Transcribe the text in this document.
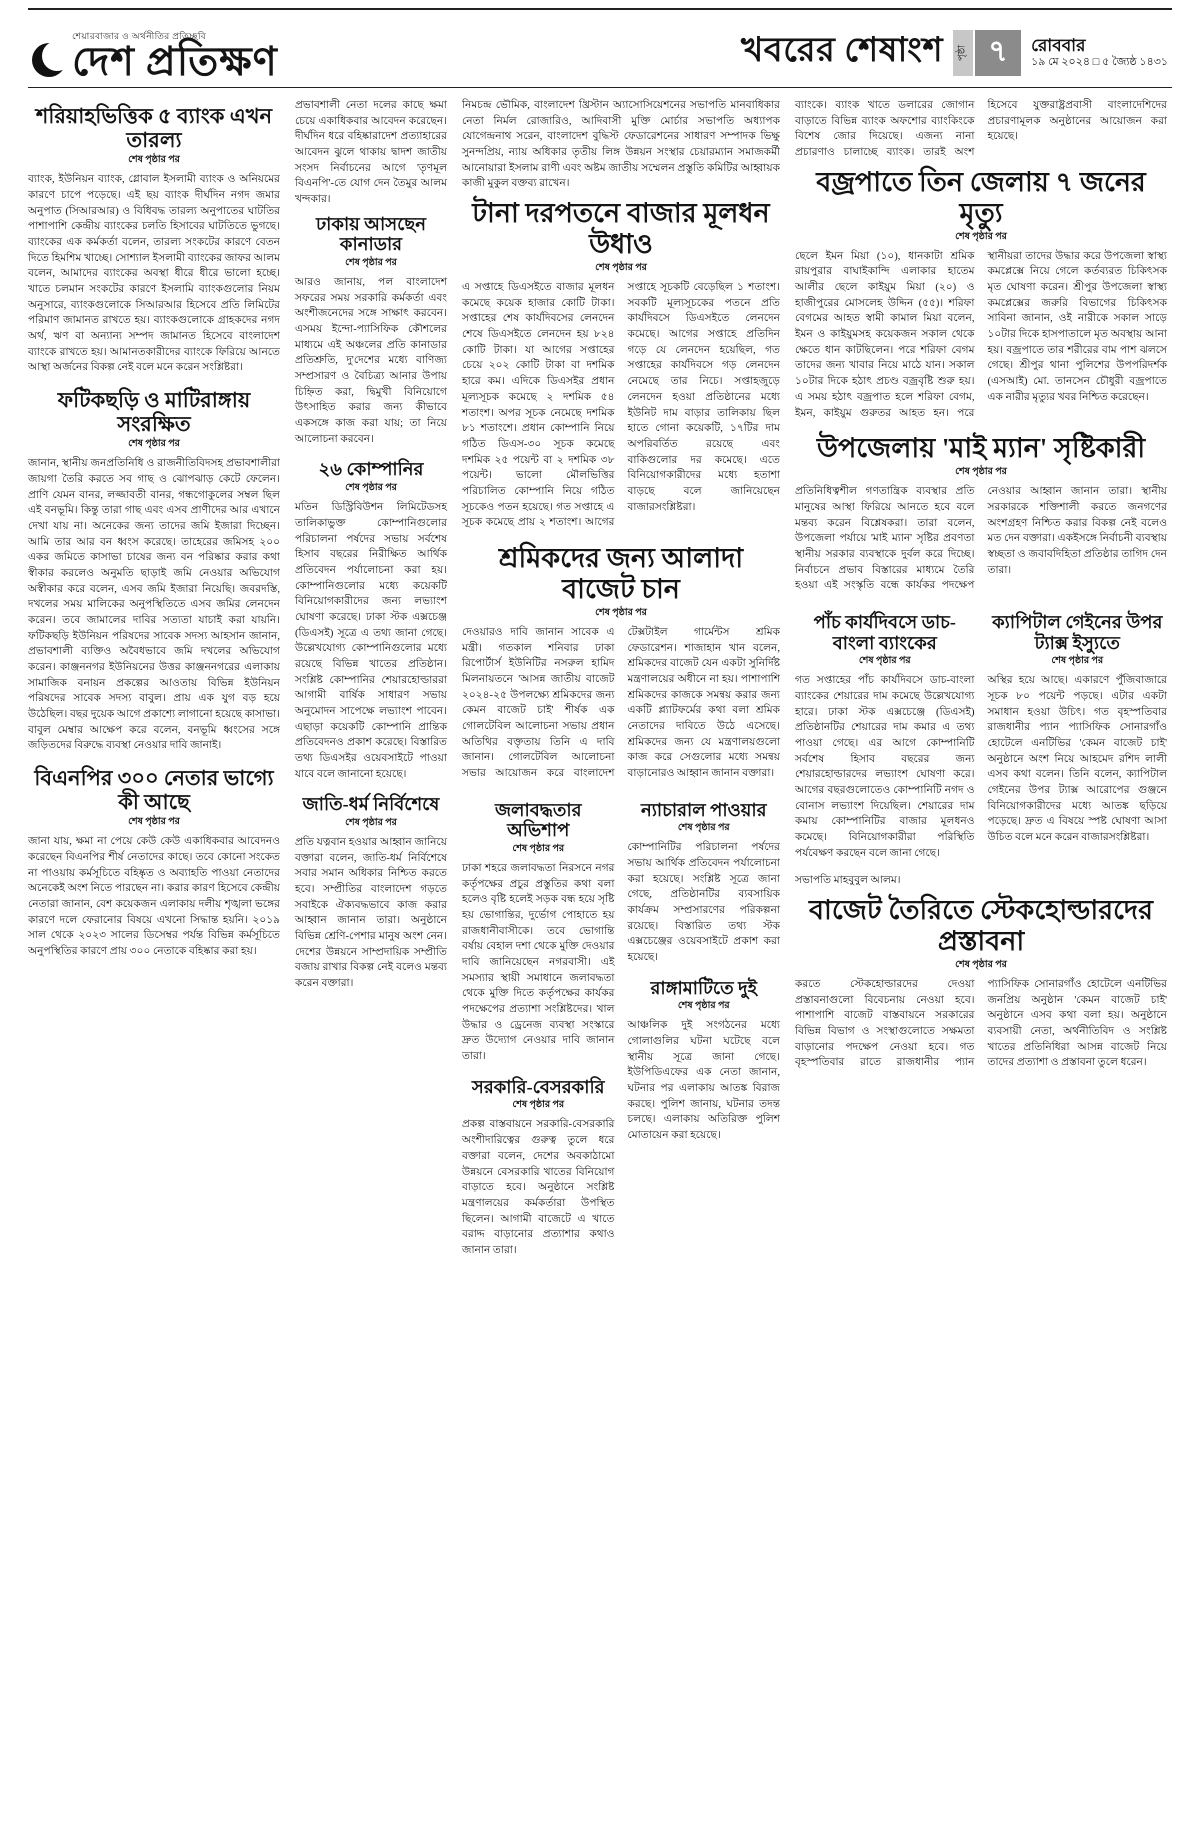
শেয়ারবাজার ও অর্থনীতির প্রতিচ্ছবি
দেশ প্রতিক্ষণ	খবরের শেষাংশ	পৃষ্ঠা ৭	রোববার
১৯ মে ২০২৪ □ ৫ জ্যৈষ্ঠ ১৪৩১
শরিয়াহভিত্তিক ৫ ব্যাংক এখন তারল্য
শেষ পৃষ্ঠার পর

ব্যাংক, ইউনিয়ন ব্যাংক, গ্লোবাল ইসলামী ব্যাংক ও অনিয়মের কারণে চাপে পড়েছে। এই ছয় ব্যাংক দীর্ঘদিন নগদ জমার অনুপাত (সিআরআর) ও বিধিবদ্ধ তারল্য অনুপাতের ঘাটতির পাশাপাশি কেন্দ্রীয় ব্যাংকের চলতি হিসাবের ঘাটতিতে ভুগছে। ব্যাংকের এক কর্মকর্তা বলেন, তারল্য সংকটের কারণে বেতন দিতে হিমশিম খাচ্ছে। সোশ্যাল ইসলামী ব্যাংকের জাফর আলম বলেন, আমাদের ব্যাংকের অবস্থা ধীরে ধীরে ভালো হচ্ছে। খাতে চলমান সংকটের কারণে ইসলামি ব্যাংকগুলোর নিয়ম অনুসারে, ব্যাংকগুলোকে সিআরআর হিসেবে প্রতি লিমিটের পরিমাণ জামানত রাখতে হয়। ব্যাংকগুলোকে গ্রাহকদের নগদ অর্থ, ঋণ বা অন্যান্য সম্পদ জামানত হিসেবে বাংলাদেশ ব্যাংকে রাখতে হয়। আমানতকারীদের ব্যাংকে ফিরিয়ে আনতে আস্থা অর্জনের বিকল্প নেই বলে মনে করেন সংশ্লিষ্টরা।

ফটিকছড়ি ও মাটিরাঙ্গায় সংরক্ষিত
শেষ পৃষ্ঠার পর

জানান, স্থানীয় জনপ্রতিনিধি ও রাজনীতিবিদসহ প্রভাবশালীরা জায়গা তৈরি করতে সব গাছ ও ঝোপঝাড় কেটে ফেলেন। প্রাণি যেমন বানর, লজ্জাবতী বানর, গন্ধগোকুলের সম্বল ছিল এই বনভূমি। কিন্তু তারা গাছ এবং এসব প্রাণীদের আর এখানে দেখা যায় না। অনেকের জন্য তাদের জমি ইজারা দিচ্ছেন। আমি তার আর বন ধ্বংস করেছে। তাহেরের জমিসহ ২০০ একর জমিতে কাসাভা চাষের জন্য বন পরিষ্কার করার কথা স্বীকার করলেও অনুমতি ছাড়াই জমি নেওয়ার অভিযোগ অস্বীকার করে বলেন, এসব জমি ইজারা নিয়েছি। জবরদস্তি, দখলের সময় মালিকের অনুপস্থিতিতে এসব জমির লেনদেন করেন। তবে জামালের দাবির সত্যতা যাচাই করা যায়নি। ফটিকছড়ি ইউনিয়ন পরিষদের সাবেক সদস্য আহসান জানান, প্রভাবশালী ব্যক্তিও অবৈধভাবে জমি দখলের অভিযোগ করেন। কাঞ্জননগর ইউনিয়নের উত্তর কাঞ্জননগরের এলাকায় সামাজিক বনায়ন প্রকল্পের আওতায় বিভিন্ন ইউনিয়ন পরিষদের সাবেক সদস্য বাবুল। প্রায় এক যুগ বড় হয়ে উঠেছিল। বছর দুয়েক আগে প্রকাশ্যে লাগানো হয়েছে কাসাভা। বাবুল মেম্বার আক্ষেপ করে বলেন, বনভূমি ধ্বংসের সঙ্গে জড়িতদের বিরুদ্ধে ব্যবস্থা নেওয়ার দাবি জানাই।

বিএনপির ৩০০ নেতার ভাগ্যে কী আছে
শেষ পৃষ্ঠার পর

জানা যায়, ক্ষমা না পেয়ে কেউ কেউ একাধিকবার আবেদনও করেছেন বিএনপির শীর্ষ নেতাদের কাছে। তবে কোনো সংকেত না পাওয়ায় কর্মসূচিতে বহিষ্কৃত ও অব্যাহতি পাওয়া নেতাদের অনেকেই অংশ নিতে পারছেন না। করার কারণ হিসেবে কেন্দ্রীয় নেতারা জানান, বেশ কয়েকজন এলাকায় দলীয় শৃঙ্খলা ভঙ্গের কারণে দলে ফেরানোর বিষয়ে এখনো সিদ্ধান্ত হয়নি। ২০১৯ সাল থেকে ২০২৩ সালের ডিসেম্বর পর্যন্ত বিভিন্ন কর্মসূচিতে অনুপস্থিতির কারণে প্রায় ৩০০ নেতাকে বহিষ্কার করা হয়।

প্রভাবশালী নেতা দলের কাছে ক্ষমা চেয়ে একাধিকবার আবেদন করেছেন। দীর্ঘদিন ধরে বহিষ্কারাদেশ প্রত্যাহারের আবেদন ঝুলে থাকায় দ্বাদশ জাতীয় সংসদ নির্বাচনের আগে 'তৃণমূল বিএনপি'-তে যোগ দেন তৈমুর আলম খন্দকার।

ঢাকায় আসছেন কানাডার
শেষ পৃষ্ঠার পর

আরও জানায়, পল বাংলাদেশ সফরের সময় সরকারি কর্মকর্তা এবং অংশীজনেদের সঙ্গে সাক্ষাৎ করবেন। এসময় ইন্দো-প্যাসিফিক কৌশলের মাধ্যমে এই অঞ্চলের প্রতি কানাডার প্রতিশ্রুতি, দু'দেশের মধ্যে বাণিজ্য সম্প্রসারণ ও বৈচিত্র্য আনার উপায় চিহ্নিত করা, দ্বিমুখী বিনিয়োগে উৎসাহিত করার জন্য কীভাবে একসঙ্গে কাজ করা যায়; তা নিয়ে আলোচনা করবেন।

২৬ কোম্পানির
শেষ পৃষ্ঠার পর

মতিন ডিস্ট্রিবিউশন লিমিটেডসহ তালিকাভুক্ত কোম্পানিগুলোর পরিচালনা পর্ষদের সভায় সর্বশেষ হিসাব বছরের নিরীক্ষিত আর্থিক প্রতিবেদন পর্যালোচনা করা হয়। কোম্পানিগুলোর মধ্যে কয়েকটি বিনিয়োগকারীদের জন্য লভ্যাংশ ঘোষণা করেছে। ঢাকা স্টক এক্সচেঞ্জ (ডিএসই) সূত্রে এ তথ্য জানা গেছে। উল্লেখযোগ্য কোম্পানিগুলোর মধ্যে রয়েছে বিভিন্ন খাতের প্রতিষ্ঠান। সংশ্লিষ্ট কোম্পানির শেয়ারহোল্ডাররা আগামী বার্ষিক সাধারণ সভায় অনুমোদন সাপেক্ষে লভ্যাংশ পাবেন। এছাড়া কয়েকটি কোম্পানি প্রান্তিক প্রতিবেদনও প্রকাশ করেছে। বিস্তারিত তথ্য ডিএসইর ওয়েবসাইটে পাওয়া যাবে বলে জানানো হয়েছে।

জাতি-ধর্ম নির্বিশেষে
শেষ পৃষ্ঠার পর

প্রতি যত্নবান হওয়ার আহ্বান জানিয়ে বক্তারা বলেন, জাতি-ধর্ম নির্বিশেষে সবার সমান অধিকার নিশ্চিত করতে হবে। সম্প্রীতির বাংলাদেশ গড়তে সবাইকে ঐক্যবদ্ধভাবে কাজ করার আহ্বান জানান তারা। অনুষ্ঠানে বিভিন্ন শ্রেণি-পেশার মানুষ অংশ নেন। দেশের উন্নয়নে সাম্প্রদায়িক সম্প্রীতি বজায় রাখার বিকল্প নেই বলেও মন্তব্য করেন বক্তারা।

নিমচন্দ্র ভৌমিক, বাংলাদেশ খ্রিস্টান অ্যাসোসিয়েশনের সভাপতি মানবাধিকার নেতা নির্মল রোজারিও, আদিবাসী মুক্তি মোর্চার সভাপতি অধ্যাপক যোগেন্দ্রনাথ সরেন, বাংলাদেশ বুদ্ধিস্ট ফেডারেশনের সাধারণ সম্পাদক ভিক্ষু সুনন্দপ্রিয়, ন্যায় অধিকার তৃতীয় লিঙ্গ উন্নয়ন সংস্থার চেয়ারম্যান সমাজকর্মী আনোয়ারা ইসলাম রাণী এবং অষ্টম জাতীয় সম্মেলন প্রস্তুতি কমিটির আহ্বায়ক কাজী মুকুল বক্তব্য রাখেন।

টানা দরপতনে বাজার মূলধন উধাও
শেষ পৃষ্ঠার পর

এ সপ্তাহে ডিএসইতে বাজার মূলধন কমেছে কয়েক হাজার কোটি টাকা। সপ্তাহের শেষ কার্যদিবসের লেনদেন শেষে ডিএসইতে লেনদেন হয় ৮২৪ কোটি টাকা। যা আগের সপ্তাহের চেয়ে ২০২ কোটি টাকা বা দশমিক হারে কম। এদিকে ডিএসইর প্রধান মূল্যসূচক কমেছে ২ দশমিক ৫৪ শতাংশ। অপর সূচক নেমেছে দশমিক ৮১ শতাংশে। প্রধান কোম্পানি নিয়ে গঠিত ডিএস-৩০ সূচক কমেছে দশমিক ২৫ পয়েন্ট বা ২ দশমিক ৩৮ পয়েন্ট। ভালো মৌলভিত্তির পরিচালিত কোম্পানি নিয়ে গঠিত সূচকেও পতন হয়েছে। গত সপ্তাহে এ সূচক কমেছে প্রায় ২ শতাংশ। আগের সপ্তাহে সূচকটি বেড়েছিল ১ শতাংশ। সবকটি মূল্যসূচকের পতনে প্রতি কার্যদিবসে ডিএসইতে লেনদেন কমেছে। আগের সপ্তাহে প্রতিদিন গড়ে যে লেনদেন হয়েছিল, গত সপ্তাহের কার্যদিবসে গড় লেনদেন নেমেছে তার নিচে। সপ্তাহজুড়ে লেনদেন হওয়া প্রতিষ্ঠানের মধ্যে ইউনিট দাম বাড়ার তালিকায় ছিল হাতে গোনা কয়েকটি, ১৭টির দাম অপরিবর্তিত রয়েছে এবং বাকিগুলোর দর কমেছে। এতে বিনিয়োগকারীদের মধ্যে হতাশা বাড়ছে বলে জানিয়েছেন বাজারসংশ্লিষ্টরা।

শ্রমিকদের জন্য আলাদা বাজেট চান
শেষ পৃষ্ঠার পর

দেওয়ারও দাবি জানান সাবেক এ মন্ত্রী। গতকাল শনিবার ঢাকা রিপোর্টার্স ইউনিটির নসরুল হামিদ মিলনায়তনে 'আসন্ন জাতীয় বাজেট ২০২৪-২৫ উপলক্ষ্যে শ্রমিকদের জন্য কেমন বাজেট চাই' শীর্ষক এক গোলটেবিল আলোচনা সভায় প্রধান অতিথির বক্তৃতায় তিনি এ দাবি জানান। গোলটেবিল আলোচনা সভার আয়োজন করে বাংলাদেশ টেক্সটাইল গার্মেন্টস শ্রমিক ফেডারেশন। শাজাহান খান বলেন, শ্রমিকদের বাজেট যেন একটা সুনির্দিষ্ট মন্ত্রণালয়ের অধীনে না হয়। পাশাপাশি শ্রমিকদের কাজকে সমন্বয় করার জন্য একটি প্ল্যাটফর্মের কথা বলা শ্রমিক নেতাদের দাবিতে উঠে এসেছে। শ্রমিকদের জন্য যে মন্ত্রণালয়গুলো কাজ করে সেগুলোর মধ্যে সমন্বয় বাড়ানোরও আহ্বান জানান বক্তারা।

জলাবদ্ধতার অভিশাপ
শেষ পৃষ্ঠার পর

ঢাকা শহরে জলাবদ্ধতা নিরসনে নগর কর্তৃপক্ষের প্রচুর প্রস্তুতির কথা বলা হলেও বৃষ্টি হলেই সড়ক বন্ধ হয়ে সৃষ্টি হয় ভোগান্তির, দুর্ভোগ পোহাতে হয় রাজধানীবাসীকে। তবে ভোগান্তি বর্ষায় বেহাল দশা থেকে মুক্তি দেওয়ার দাবি জানিয়েছেন নগরবাসী। এই সমস্যার স্থায়ী সমাধানে জলাবদ্ধতা থেকে মুক্তি দিতে কর্তৃপক্ষের কার্যকর পদক্ষেপের প্রত্যাশা সংশ্লিষ্টদের। খাল উদ্ধার ও ড্রেনেজ ব্যবস্থা সংস্কারে দ্রুত উদ্যোগ নেওয়ার দাবি জানান তারা।

সরকারি-বেসরকারি
শেষ পৃষ্ঠার পর

প্রকল্প বাস্তবায়নে সরকারি-বেসরকারি অংশীদারিত্বের গুরুত্ব তুলে ধরে বক্তারা বলেন, দেশের অবকাঠামো উন্নয়নে বেসরকারি খাতের বিনিয়োগ বাড়াতে হবে। অনুষ্ঠানে সংশ্লিষ্ট মন্ত্রণালয়ের কর্মকর্তারা উপস্থিত ছিলেন। আগামী বাজেটে এ খাতে বরাদ্দ বাড়ানোর প্রত্যাশার কথাও জানান তারা।

ন্যাচারাল পাওয়ার
শেষ পৃষ্ঠার পর

কোম্পানিটির পরিচালনা পর্ষদের সভায় আর্থিক প্রতিবেদন পর্যালোচনা করা হয়েছে। সংশ্লিষ্ট সূত্রে জানা গেছে, প্রতিষ্ঠানটির ব্যবসায়িক কার্যক্রম সম্প্রসারণের পরিকল্পনা রয়েছে। বিস্তারিত তথ্য স্টক এক্সচেঞ্জের ওয়েবসাইটে প্রকাশ করা হয়েছে।

রাঙ্গামাটিতে দুই
শেষ পৃষ্ঠার পর

আঞ্চলিক দুই সংগঠনের মধ্যে গোলাগুলির ঘটনা ঘটেছে বলে স্থানীয় সূত্রে জানা গেছে। ইউপিডিএফের এক নেতা জানান, ঘটনার পর এলাকায় আতঙ্ক বিরাজ করছে। পুলিশ জানায়, ঘটনার তদন্ত চলছে। এলাকায় অতিরিক্ত পুলিশ মোতায়েন করা হয়েছে।

ব্যাংকে। ব্যাংক খাতে ডলারের জোগান বাড়াতে বিভিন্ন ব্যাংক অফশোর ব্যাংকিংকে বিশেষ জোর দিয়েছে। এজন্য নানা প্রচারণাও চালাচ্ছে ব্যাংক। তারই অংশ হিসেবে যুক্তরাষ্ট্রপ্রবাসী বাংলাদেশিদের প্রচারণামূলক অনুষ্ঠানের আয়োজন করা হয়েছে।

বজ্রপাতে তিন জেলায় ৭ জনের মৃত্যু
শেষ পৃষ্ঠার পর

ছেলে ইমন মিয়া (১০), ধানকাটা শ্রমিক রায়পুরার বাঘাইকান্দি এলাকার হাতেম আলীর ছেলে কাইয়ুম মিয়া (২০) ও হাজীপুরের মোসলেহ উদ্দিন (৫৫)। শরিফা বেগমের আহত স্বামী কামাল মিয়া বলেন, ইমন ও কাইয়ুমসহ কয়েকজন সকাল থেকে ক্ষেতে ধান কাটছিলেন। পরে শরিফা বেগম তাদের জন্য খাবার নিয়ে মাঠে যান। সকাল ১০টার দিকে হঠাৎ প্রচণ্ড বজ্রবৃষ্টি শুরু হয়। এ সময় হঠাৎ বজ্রপাত হলে শরিফা বেগম, ইমন, কাইয়ুম গুরুতর আহত হন। পরে স্থানীয়রা তাদের উদ্ধার করে উপজেলা স্বাস্থ্য কমপ্লেক্সে নিয়ে গেলে কর্তব্যরত চিকিৎসক মৃত ঘোষণা করেন। শ্রীপুর উপজেলা স্বাস্থ্য কমপ্লেক্সের জরুরি বিভাগের চিকিৎসক সাবিনা জানান, ওই নারীকে সকাল সাড়ে ১০টার দিকে হাসপাতালে মৃত অবস্থায় আনা হয়। বজ্রপাতে তার শরীরের বাম পাশ ঝলসে গেছে। শ্রীপুর থানা পুলিশের উপপরিদর্শক (এসআই) মো. তানসেন চৌধুরী বজ্রপাতে এক নারীর মৃত্যুর খবর নিশ্চিত করেছেন।

উপজেলায় 'মাই ম্যান' সৃষ্টিকারী
শেষ পৃষ্ঠার পর

প্রতিনিধিত্বশীল গণতান্ত্রিক ব্যবস্থার প্রতি মানুষের আস্থা ফিরিয়ে আনতে হবে বলে মন্তব্য করেন বিশ্লেষকরা। তারা বলেন, উপজেলা পর্যায়ে 'মাই ম্যান' সৃষ্টির প্রবণতা স্থানীয় সরকার ব্যবস্থাকে দুর্বল করে দিচ্ছে। নির্বাচনে প্রভাব বিস্তারের মাধ্যমে তৈরি হওয়া এই সংস্কৃতি বন্ধে কার্যকর পদক্ষেপ নেওয়ার আহ্বান জানান তারা। স্থানীয় সরকারকে শক্তিশালী করতে জনগণের অংশগ্রহণ নিশ্চিত করার বিকল্প নেই বলেও মত দেন বক্তারা। একইসঙ্গে নির্বাচনী ব্যবস্থায় স্বচ্ছতা ও জবাবদিহিতা প্রতিষ্ঠার তাগিদ দেন তারা।

পাঁচ কার্যদিবসে ডাচ-বাংলা ব্যাংকের
শেষ পৃষ্ঠার পর

গত সপ্তাহের পাঁচ কার্যদিবসে ডাচ-বাংলা ব্যাংকের শেয়ারের দাম কমেছে উল্লেখযোগ্য হারে। ঢাকা স্টক এক্সচেঞ্জে (ডিএসই) প্রতিষ্ঠানটির শেয়ারের দাম কমার এ তথ্য পাওয়া গেছে। এর আগে কোম্পানিটি সর্বশেষ হিসাব বছরের জন্য শেয়ারহোল্ডারদের লভ্যাংশ ঘোষণা করে। আগের বছরগুলোতেও কোম্পানিটি নগদ ও বোনাস লভ্যাংশ দিয়েছিল। শেয়ারের দাম কমায় কোম্পানিটির বাজার মূলধনও কমেছে। বিনিয়োগকারীরা পরিস্থিতি পর্যবেক্ষণ করছেন বলে জানা গেছে।

ক্যাপিটাল গেইনের উপর ট্যাক্স ইস্যুতে
শেষ পৃষ্ঠার পর

অস্থির হয়ে আছে। একারণে পুঁজিবাজারে সূচক ৮০ পয়েন্ট পড়ছে। এটার একটা সমাধান হওয়া উচিৎ। গত বৃহস্পতিবার রাজধানীর প্যান প্যাসিফিক সোনারগাঁও হোটেলে এনটিভির 'কেমন বাজেট চাই' অনুষ্ঠানে অংশ নিয়ে আহমেদ রশিদ লালী এসব কথা বলেন। তিনি বলেন, ক্যাপিটাল গেইনের উপর ট্যাক্স আরোপের গুঞ্জনে বিনিয়োগকারীদের মধ্যে আতঙ্ক ছড়িয়ে পড়েছে। দ্রুত এ বিষয়ে স্পষ্ট ঘোষণা আসা উচিত বলে মনে করেন বাজারসংশ্লিষ্টরা।

সভাপতি মাহবুবুল আলম।

বাজেট তৈরিতে স্টেকহোল্ডারদের প্রস্তাবনা
শেষ পৃষ্ঠার পর

করতে স্টেকহোল্ডারদের দেওয়া প্রস্তাবনাগুলো বিবেচনায় নেওয়া হবে। পাশাপাশি বাজেট বাস্তবায়নে সরকারের বিভিন্ন বিভাগ ও সংস্থাগুলোতে সক্ষমতা বাড়ানোর পদক্ষেপ নেওয়া হবে। গত বৃহস্পতিবার রাতে রাজধানীর প্যান প্যাসিফিক সোনারগাঁও হোটেলে এনটিভির জনপ্রিয় অনুষ্ঠান 'কেমন বাজেট চাই' অনুষ্ঠানে এসব কথা বলা হয়। অনুষ্ঠানে ব্যবসায়ী নেতা, অর্থনীতিবিদ ও সংশ্লিষ্ট খাতের প্রতিনিধিরা আসন্ন বাজেট নিয়ে তাদের প্রত্যাশা ও প্রস্তাবনা তুলে ধরেন।
